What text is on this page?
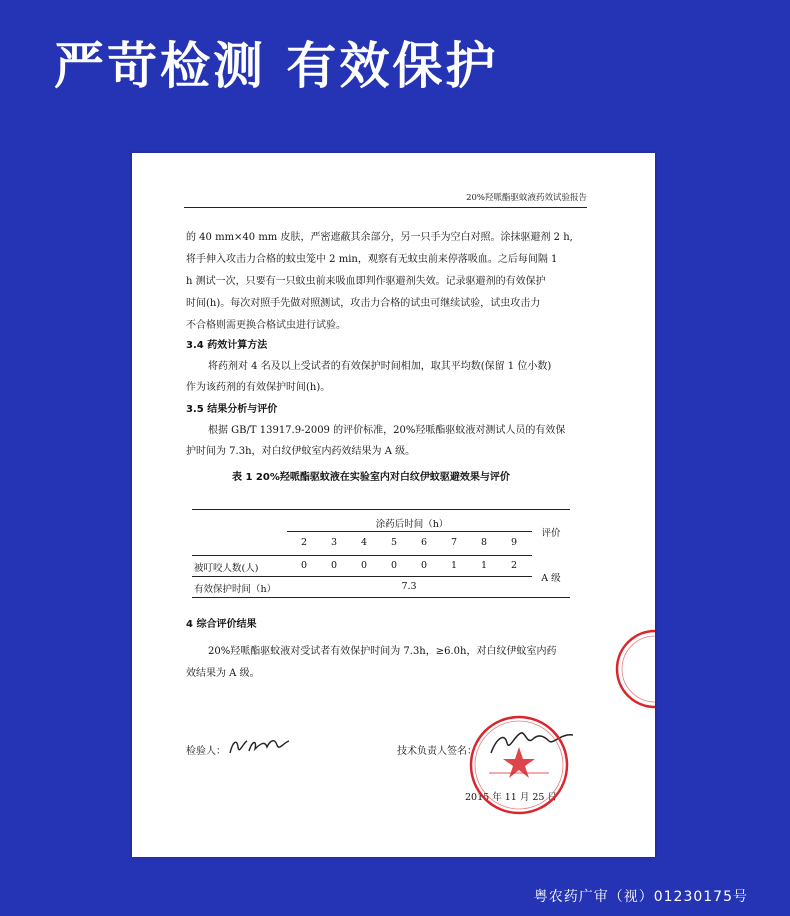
严苛检测 有效保护
20%羟哌酯驱蚊液药效试验报告
的 40 mm×40 mm 皮肤，严密遮蔽其余部分，另一只手为空白对照。涂抹驱避剂 2 h,
将手伸入攻击力合格的蚊虫笼中 2 min，观察有无蚊虫前来停落吸血。之后每间隔 1
h 测试一次，只要有一只蚊虫前来吸血即判作驱避剂失效。记录驱避剂的有效保护
时间(h)。每次对照手先做对照测试，攻击力合格的试虫可继续试验，试虫攻击力
不合格则需更换合格试虫进行试验。
3.4 药效计算方法
将药剂对 4 名及以上受试者的有效保护时间相加，取其平均数(保留 1 位小数)
作为该药剂的有效保护时间(h)。
3.5 结果分析与评价
根据 GB/T 13917.9-2009 的评价标准，20%羟哌酯驱蚊液对测试人员的有效保
护时间为 7.3h，对白纹伊蚊室内药效结果为 A 级。
表 1 20%羟哌酯驱蚊液在实验室内对白纹伊蚊驱避效果与评价
涂药后时间（h）
评价
2	3	4	5	6	7	8	9
被叮咬人数(人)	0	0	0	0	0	1	1	2
A 级
有效保护时间（h）	7.3
4 综合评价结果
20%羟哌酯驱蚊液对受试者有效保护时间为 7.3h，≥6.0h，对白纹伊蚊室内药
效结果为 A 级。
检验人：	技术负责人签名：
2015 年 11 月 25 日
粤农药广审（视）01230175号
